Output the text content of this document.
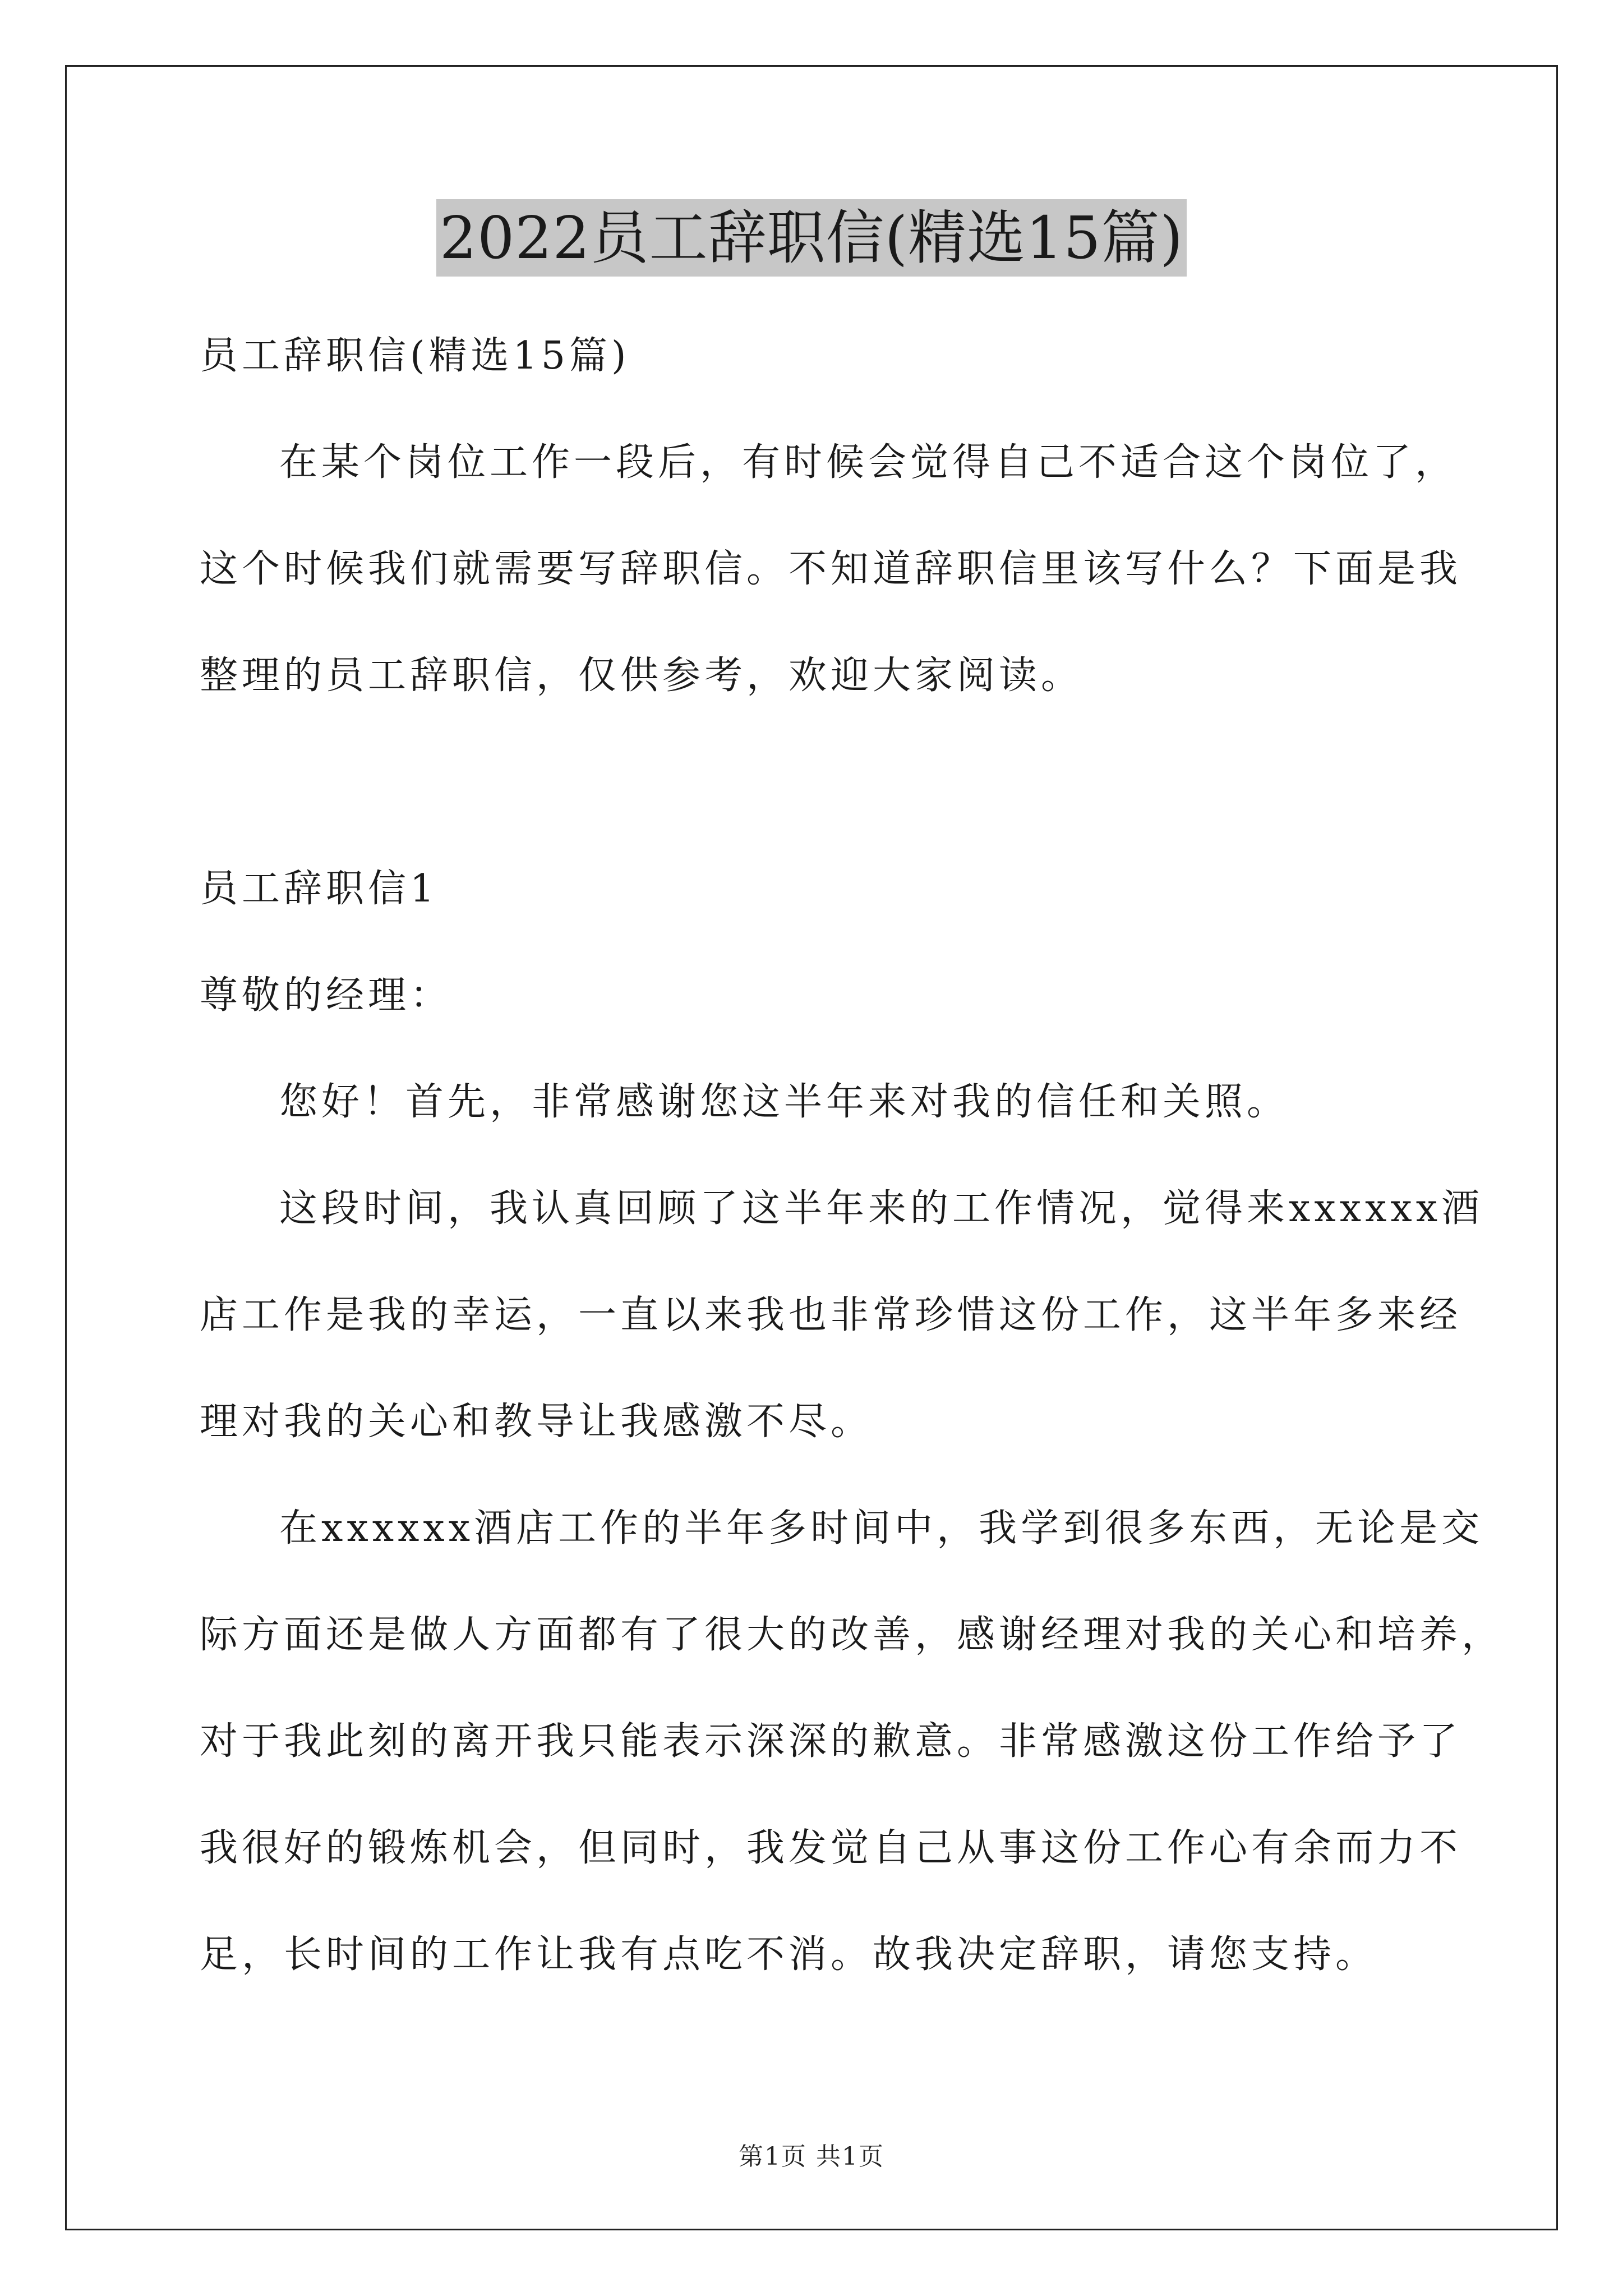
2022员工辞职信(精选15篇)
员工辞职信(精选15篇)
在某个岗位工作一段后，有时候会觉得自己不适合这个岗位了，
这个时候我们就需要写辞职信。不知道辞职信里该写什么？下面是我
整理的员工辞职信，仅供参考，欢迎大家阅读。
员工辞职信1
尊敬的经理：
您好！首先，非常感谢您这半年来对我的信任和关照。
这段时间，我认真回顾了这半年来的工作情况，觉得来xxxxxx酒
店工作是我的幸运，一直以来我也非常珍惜这份工作，这半年多来经
理对我的关心和教导让我感激不尽。
在xxxxxx酒店工作的半年多时间中，我学到很多东西，无论是交
际方面还是做人方面都有了很大的改善，感谢经理对我的关心和培养，
对于我此刻的离开我只能表示深深的歉意。非常感激这份工作给予了
我很好的锻炼机会，但同时，我发觉自己从事这份工作心有余而力不
足，长时间的工作让我有点吃不消。故我决定辞职，请您支持。
第1页 共1页
